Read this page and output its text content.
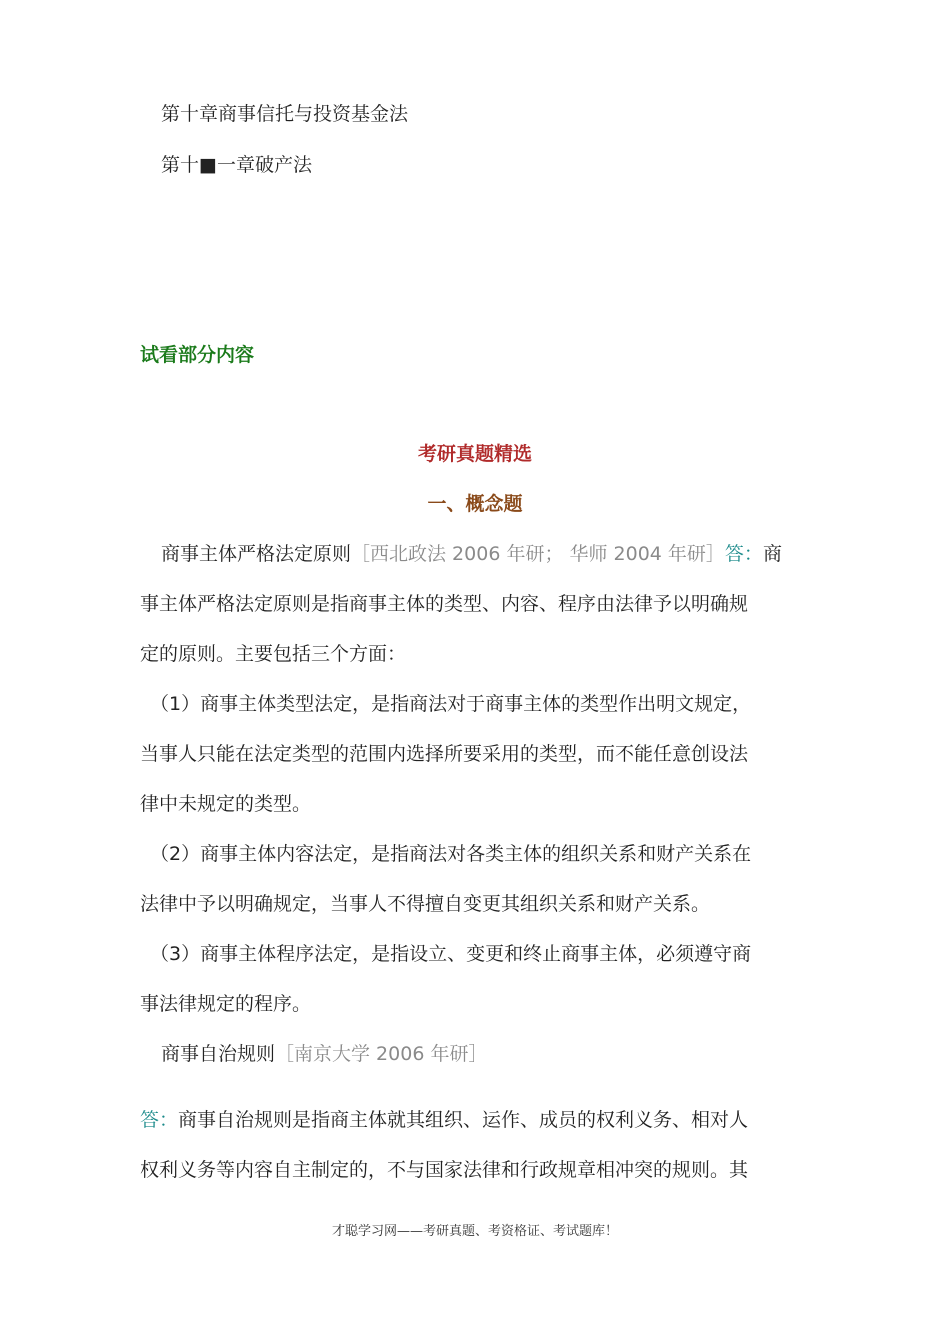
第十章商事信托与投资基金法
第十■一章破产法
试看部分内容
考研真题精选
一、概念题
商事主体严格法定原则［西北政法 2006 年研； 华师 2004 年研］答：商
事主体严格法定原则是指商事主体的类型、内容、程序由法律予以明确规
定的原则。主要包括三个方面：
（1）商事主体类型法定，是指商法对于商事主体的类型作出明文规定，
当事人只能在法定类型的范围内选择所要采用的类型，而不能任意创设法
律中未规定的类型。
（2）商事主体内容法定，是指商法对各类主体的组织关系和财产关系在
法律中予以明确规定，当事人不得擅自变更其组织关系和财产关系。
（3）商事主体程序法定，是指设立、变更和终止商事主体，必须遵守商
事法律规定的程序。
商事自治规则［南京大学 2006 年研］
答：商事自治规则是指商主体就其组织、运作、成员的权利义务、相对人
权利义务等内容自主制定的，不与国家法律和行政规章相冲突的规则。其
才聪学习网——考研真题、考资格证、考试题库！
